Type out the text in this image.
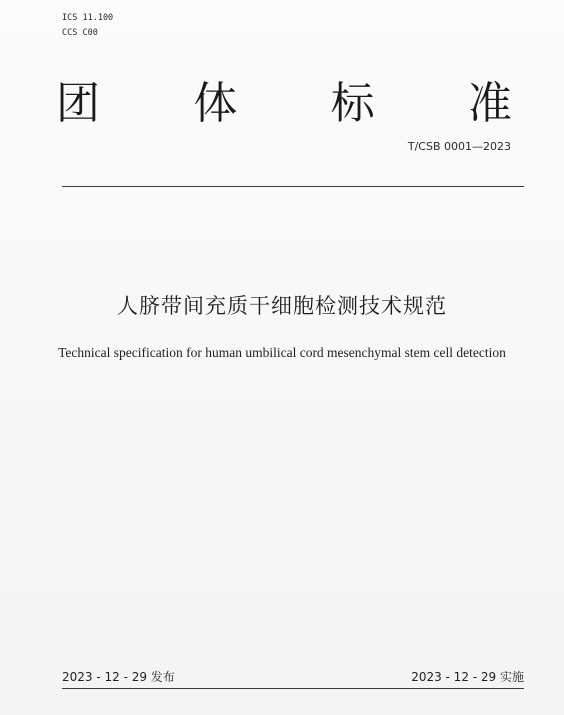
ICS 11.100
CCS C00
团 体 标 准
T/CSB 0001—2023
人脐带间充质干细胞检测技术规范
Technical specification for human umbilical cord mesenchymal stem cell detection
2023 - 12 - 29 发布	2023 - 12 - 29 实施
